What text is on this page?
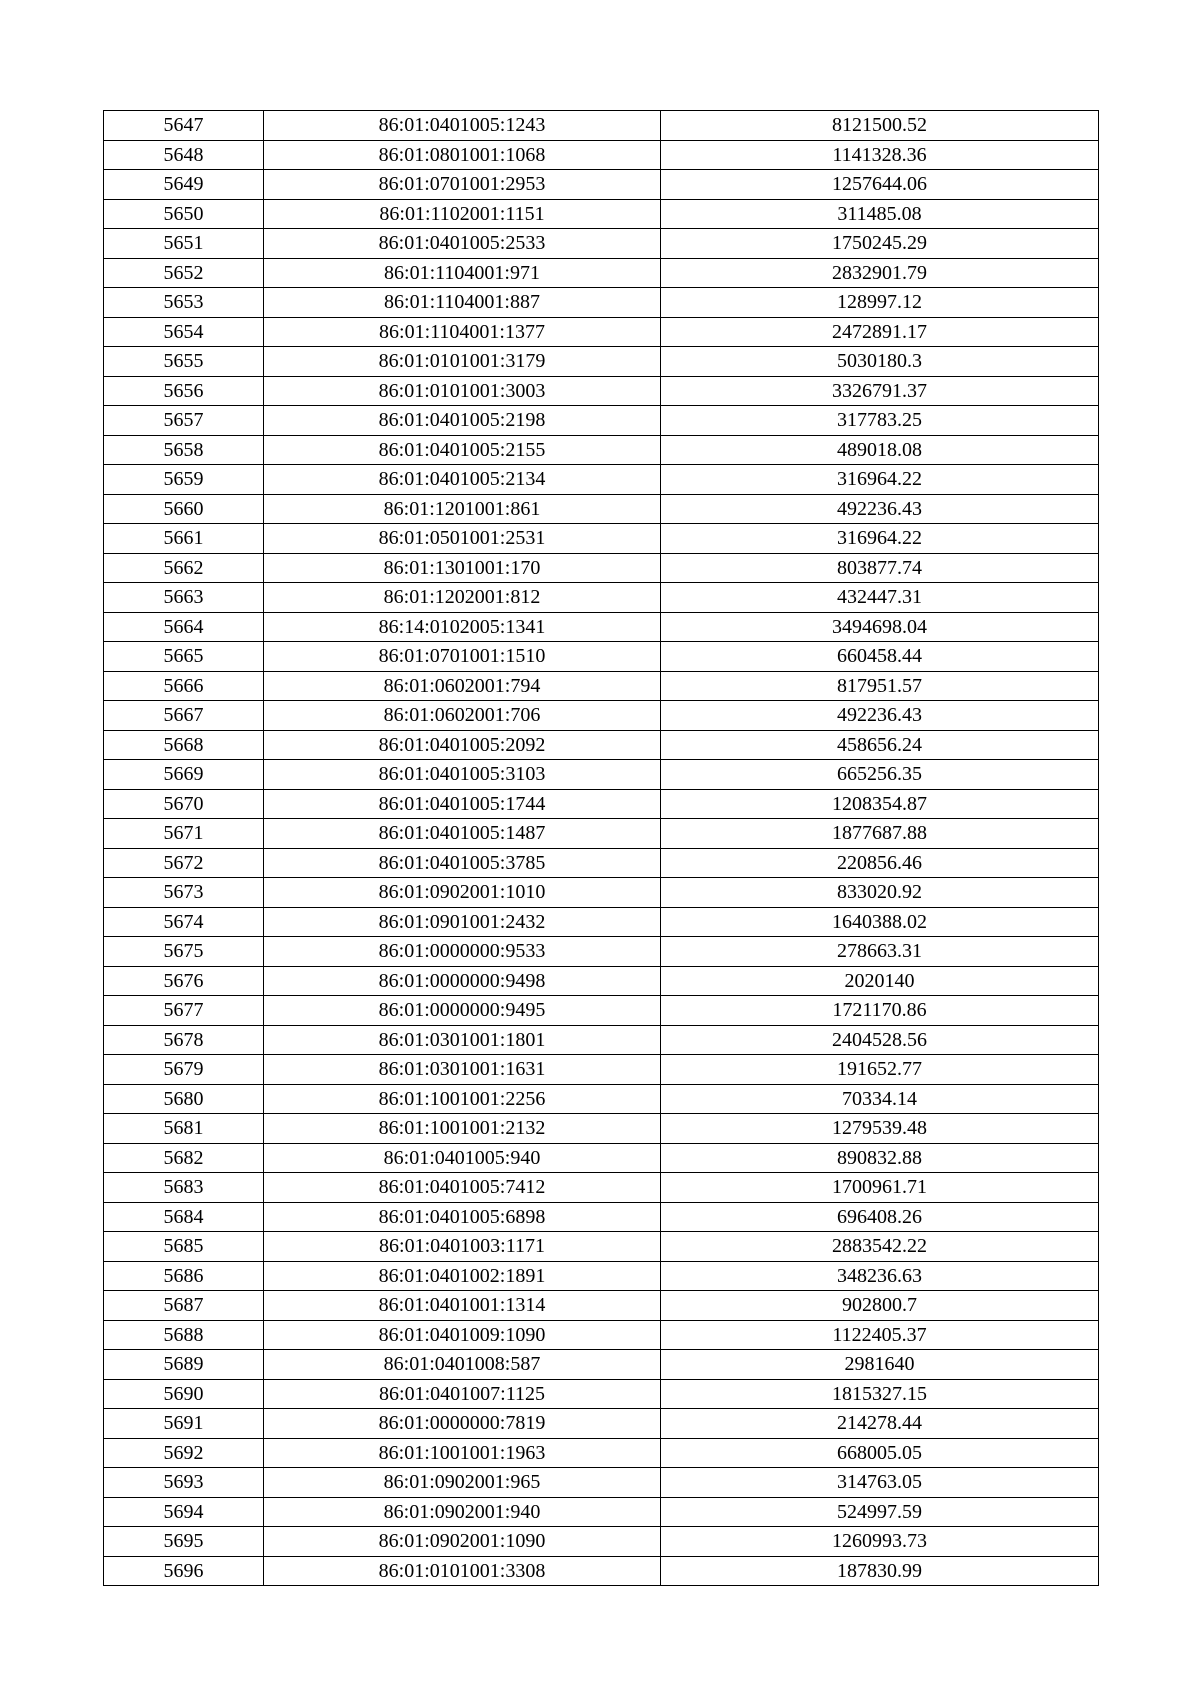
5647	86:01:0401005:1243	8121500.52
5648	86:01:0801001:1068	1141328.36
5649	86:01:0701001:2953	1257644.06
5650	86:01:1102001:1151	311485.08
5651	86:01:0401005:2533	1750245.29
5652	86:01:1104001:971	2832901.79
5653	86:01:1104001:887	128997.12
5654	86:01:1104001:1377	2472891.17
5655	86:01:0101001:3179	5030180.3
5656	86:01:0101001:3003	3326791.37
5657	86:01:0401005:2198	317783.25
5658	86:01:0401005:2155	489018.08
5659	86:01:0401005:2134	316964.22
5660	86:01:1201001:861	492236.43
5661	86:01:0501001:2531	316964.22
5662	86:01:1301001:170	803877.74
5663	86:01:1202001:812	432447.31
5664	86:14:0102005:1341	3494698.04
5665	86:01:0701001:1510	660458.44
5666	86:01:0602001:794	817951.57
5667	86:01:0602001:706	492236.43
5668	86:01:0401005:2092	458656.24
5669	86:01:0401005:3103	665256.35
5670	86:01:0401005:1744	1208354.87
5671	86:01:0401005:1487	1877687.88
5672	86:01:0401005:3785	220856.46
5673	86:01:0902001:1010	833020.92
5674	86:01:0901001:2432	1640388.02
5675	86:01:0000000:9533	278663.31
5676	86:01:0000000:9498	2020140
5677	86:01:0000000:9495	1721170.86
5678	86:01:0301001:1801	2404528.56
5679	86:01:0301001:1631	191652.77
5680	86:01:1001001:2256	70334.14
5681	86:01:1001001:2132	1279539.48
5682	86:01:0401005:940	890832.88
5683	86:01:0401005:7412	1700961.71
5684	86:01:0401005:6898	696408.26
5685	86:01:0401003:1171	2883542.22
5686	86:01:0401002:1891	348236.63
5687	86:01:0401001:1314	902800.7
5688	86:01:0401009:1090	1122405.37
5689	86:01:0401008:587	2981640
5690	86:01:0401007:1125	1815327.15
5691	86:01:0000000:7819	214278.44
5692	86:01:1001001:1963	668005.05
5693	86:01:0902001:965	314763.05
5694	86:01:0902001:940	524997.59
5695	86:01:0902001:1090	1260993.73
5696	86:01:0101001:3308	187830.99
